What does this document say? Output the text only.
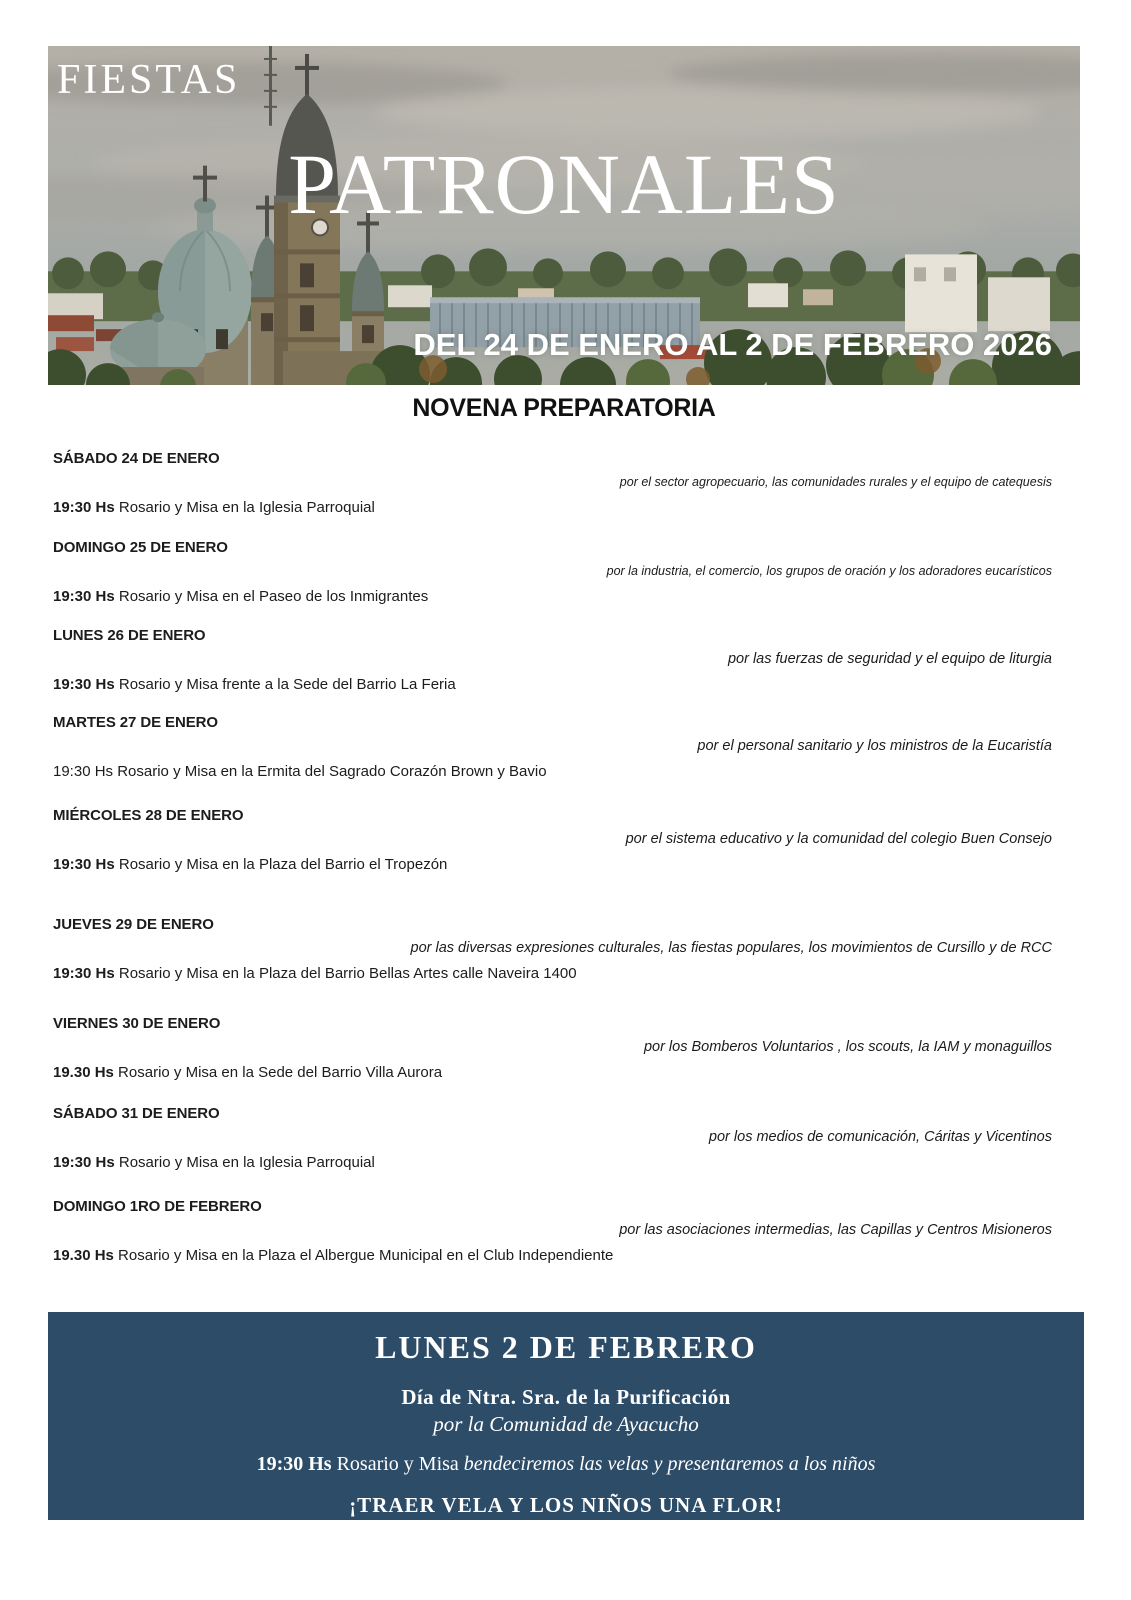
FIESTAS
PATRONALES
DEL 24 DE ENERO AL 2 DE FEBRERO 2026
NOVENA PREPARATORIA
SÁBADO 24 DE ENERO
por el sector agropecuario, las comunidades rurales y el equipo de catequesis
19:30 Hs Rosario y Misa en la Iglesia Parroquial
DOMINGO 25 DE ENERO
por la industria, el comercio, los grupos de oración y los adoradores eucarísticos
19:30 Hs Rosario y Misa en el Paseo de los Inmigrantes
LUNES 26 DE ENERO
por las fuerzas de seguridad y el equipo de liturgia
19:30 Hs Rosario y Misa frente a la Sede del Barrio La Feria
MARTES 27 DE ENERO
por el personal sanitario y los ministros de la Eucaristía
19:30 Hs Rosario y Misa en la Ermita del Sagrado Corazón Brown y Bavio
MIÉRCOLES 28 DE ENERO
por el sistema educativo y la comunidad del colegio Buen Consejo
19:30 Hs Rosario y Misa en la Plaza del Barrio el Tropezón
JUEVES 29 DE ENERO
por las diversas expresiones culturales, las fiestas populares, los movimientos de Cursillo y de RCC
19:30 Hs Rosario y Misa en la Plaza del Barrio Bellas Artes calle Naveira 1400
VIERNES 30 DE ENERO
por los Bomberos Voluntarios , los scouts, la IAM y monaguillos
19.30 Hs Rosario y Misa en la Sede del Barrio Villa Aurora
SÁBADO 31 DE ENERO
por los medios de comunicación, Cáritas y Vicentinos
19:30 Hs Rosario y Misa en la Iglesia Parroquial
DOMINGO 1RO DE FEBRERO
por las asociaciones intermedias, las Capillas y Centros Misioneros
19.30 Hs Rosario y Misa en la Plaza el Albergue Municipal en el Club Independiente
LUNES 2 DE FEBRERO
Día de Ntra. Sra. de la Purificación
por la Comunidad de Ayacucho
19:30 Hs Rosario y Misa bendeciremos las velas y presentaremos a los niños
¡TRAER VELA Y LOS NIÑOS UNA FLOR!
